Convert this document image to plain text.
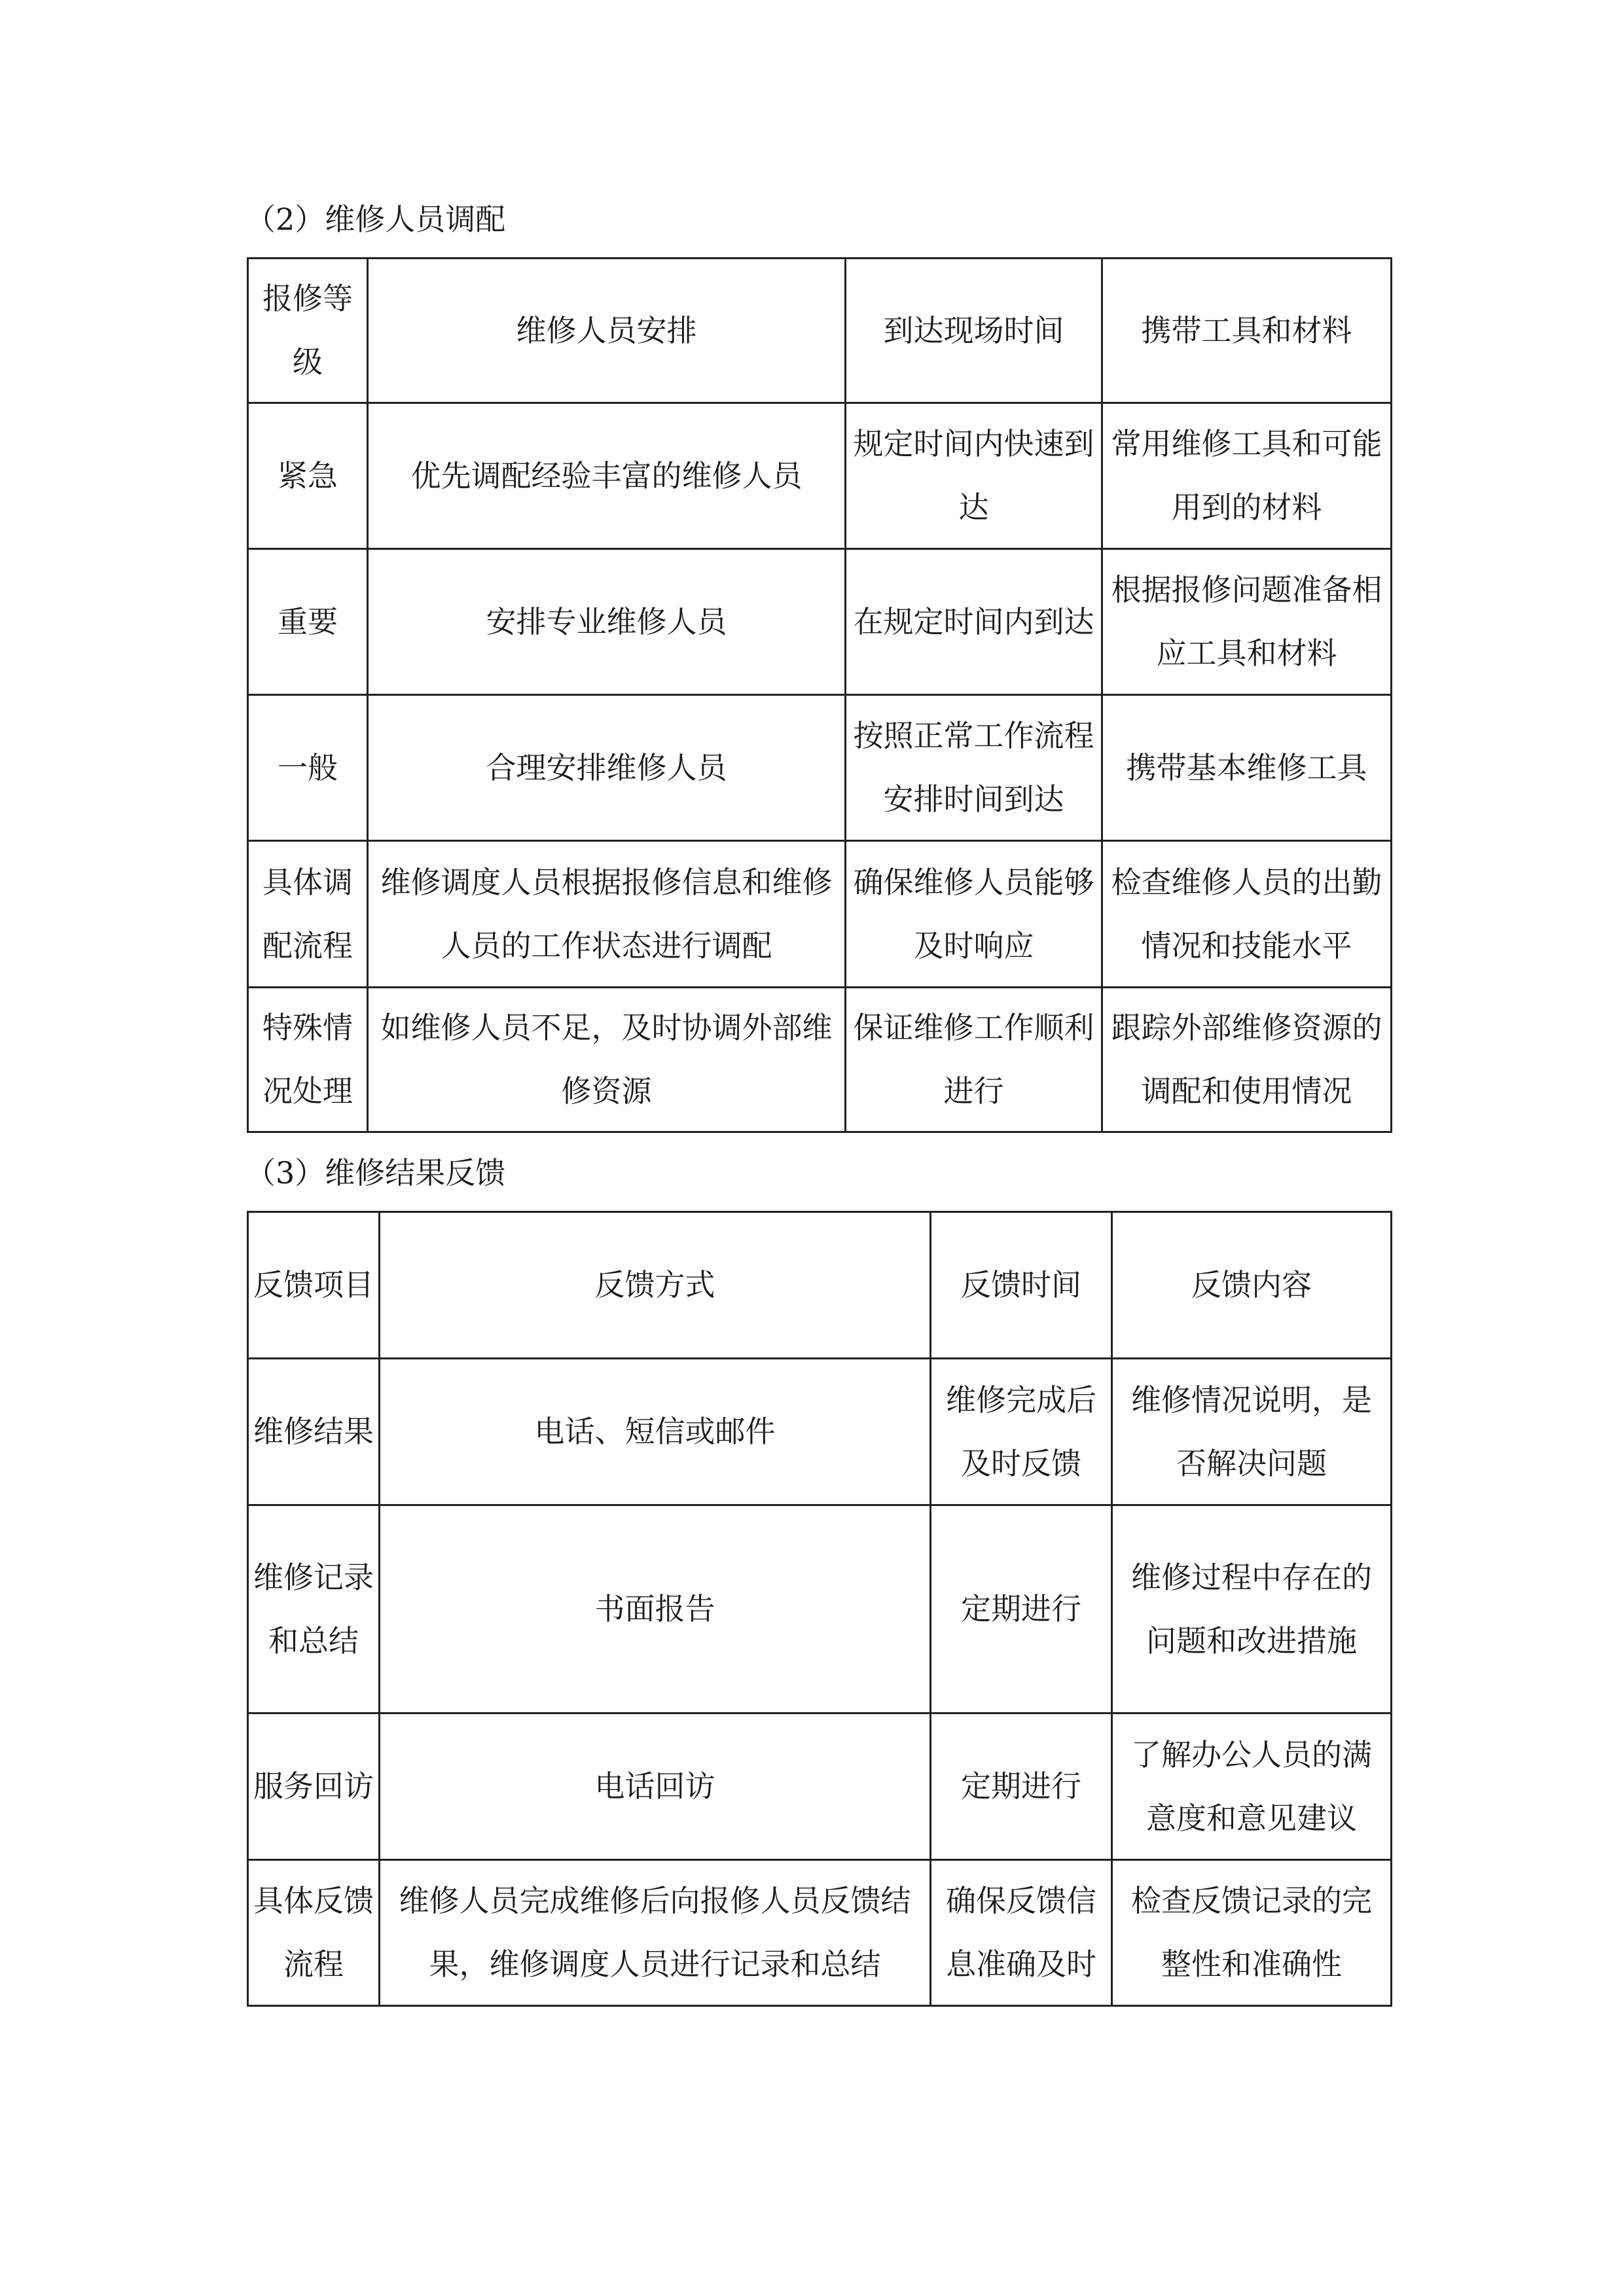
（2）维修人员调配
报修等级	维修人员安排	到达现场时间	携带工具和材料
紧急	优先调配经验丰富的维修人员	规定时间内快速到达	常用维修工具和可能用到的材料
重要	安排专业维修人员	在规定时间内到达	根据报修问题准备相应工具和材料
一般	合理安排维修人员	按照正常工作流程安排时间到达	携带基本维修工具
具体调配流程	维修调度人员根据报修信息和维修人员的工作状态进行调配	确保维修人员能够及时响应	检查维修人员的出勤情况和技能水平
特殊情况处理	如维修人员不足，及时协调外部维修资源	保证维修工作顺利进行	跟踪外部维修资源的调配和使用情况
（3）维修结果反馈
反馈项目	反馈方式	反馈时间	反馈内容
维修结果	电话、短信或邮件	维修完成后及时反馈	维修情况说明，是否解决问题
维修记录和总结	书面报告	定期进行	维修过程中存在的问题和改进措施
服务回访	电话回访	定期进行	了解办公人员的满意度和意见建议
具体反馈流程	维修人员完成维修后向报修人员反馈结果，维修调度人员进行记录和总结	确保反馈信息准确及时	检查反馈记录的完整性和准确性
